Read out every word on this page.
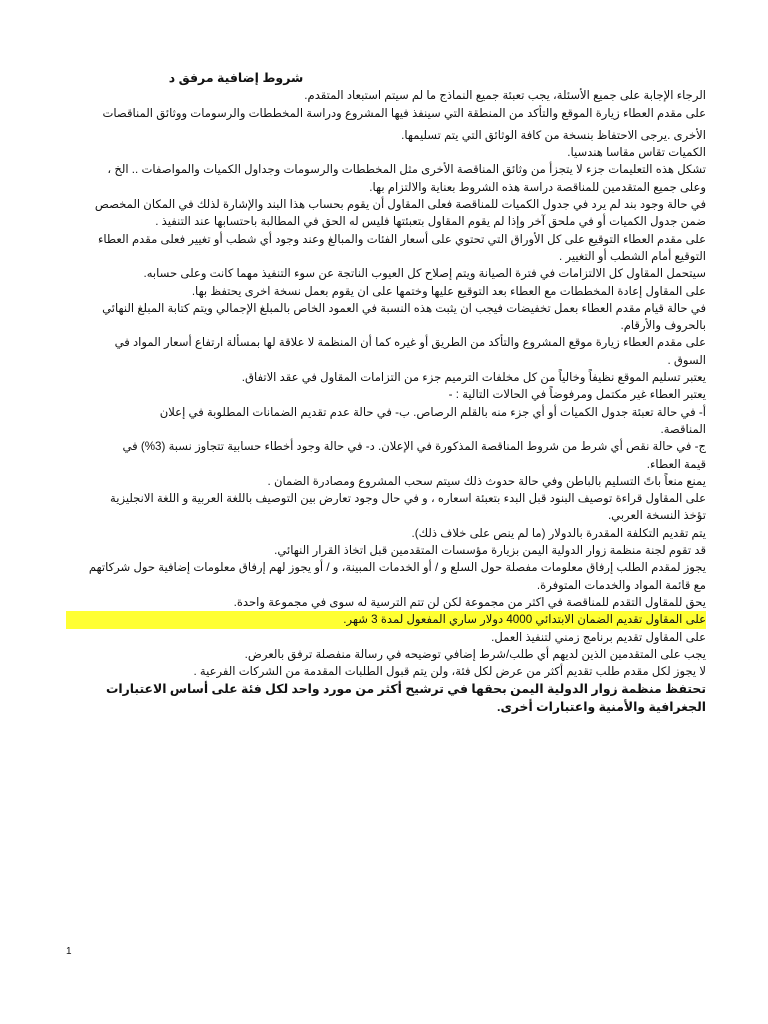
شروط إضافية مرفق د
الرجاء الإجابة على جميع الأسئلة، يجب تعبئة جميع النماذج ما لم سيتم استبعاد المتقدم.
على مقدم العطاء زيارة الموقع والتأكد من المنطقة التي سينفذ فيها المشروع ودراسة المخططات والرسومات ووثائق المناقصات
الأخرى .يرجى الاحتفاظ بنسخة من كافة الوثائق التي يتم تسليمها.
الكميات تقاس مقاسا هندسيا.
تشكل هذه التعليمات جزء لا يتجزأ من وثائق المناقصة الأخرى مثل المخططات والرسومات وجداول الكميات والمواصفات .. الخ ،
وعلى جميع المتقدمين للمناقصة دراسة هذه الشروط بعناية والالتزام بها.
في حالة وجود بند لم يرد في جدول الكميات للمناقصة فعلى المقاول أن يقوم بحساب هذا البند والإشارة لذلك في المكان المخصص
ضمن جدول الكميات أو في ملحق آخر وإذا لم يقوم المقاول بتعبئتها فليس له الحق في المطالبة باحتسابها عند التنفيذ .
على مقدم العطاء التوقيع على كل الأوراق التي تحتوي على أسعار الفئات والمبالغ وعند وجود أي شطب أو تغيير فعلى مقدم العطاء
التوقيع أمام الشطب أو التغيير .
سيتحمل المقاول كل الالتزامات في فترة الصيانة ويتم إصلاح كل العيوب الناتجة عن سوء التنفيذ مهما كانت وعلى حسابه.
على المقاول إعادة المخططات مع العطاء بعد التوقيع عليها وختمها على ان يقوم بعمل نسخة اخرى يحتفظ بها.
في حالة قيام مقدم العطاء بعمل تخفيضات فيجب ان يثبت هذه النسبة في العمود الخاص بالمبلغ الإجمالي ويتم كتابة المبلغ النهائي
بالحروف والأرقام.
على مقدم العطاء زيارة موقع المشروع والتأكد من الطريق أو غيره كما أن المنظمة لا علاقة لها بمسألة ارتفاع أسعار المواد في
السوق .
يعتبر تسليم الموقع نظيفاً وخالياً من كل مخلفات الترميم جزء من التزامات المقاول في عقد الاتفاق.
يعتبر العطاء غير مكتمل ومرفوضاً في الحالات التالية : -
أ- في حالة تعبئة جدول الكميات أو أي جزء منه بالقلم الرصاص. ب- في حالة عدم تقديم الضمانات المطلوبة في إعلان
المناقصة.
ج- في حالة نقص أي شرط من شروط المناقصة المذكورة في الإعلان. د- في حالة وجود أخطاء حسابية تتجاوز نسبة (3%) في
قيمة العطاء.
يمنع منعاً باتً التسليم بالباطن وفي حالة حدوث ذلك سيتم سحب المشروع ومصادرة الضمان .
على المقاول قراءة توصيف البنود قبل البدء بتعبئة اسعاره ، و في حال وجود تعارض بين التوصيف باللغة العربية و اللغة الانجليزية
تؤخذ النسخة العربي.
يتم تقديم التكلفة المقدرة بالدولار (ما لم ينص على خلاف ذلك).
قد تقوم لجنة منظمة زوار الدولية اليمن بزيارة مؤسسات المتقدمين قبل اتخاذ القرار النهائي.
يجوز لمقدم الطلب إرفاق معلومات مفصلة حول السلع و / أو الخدمات المبينة، و / أو يجوز لهم إرفاق معلومات إضافية حول شركاتهم
مع قائمة المواد والخدمات المتوفرة.
يحق للمقاول التقدم للمناقصة في اكثر من مجموعة لكن لن تتم الترسية له سوى في مجموعة واحدة.
على المقاول تقديم الضمان الابتدائي 4000 دولار ساري المفعول لمدة 3 شهر.
على المقاول تقديم برنامج زمني لتنفيذ العمل.
يجب على المتقدمين الذين لديهم أي طلب/شرط إضافي توضيحه في رسالة منفصلة ترفق بالعرض.
لا يجوز لكل مقدم طلب تقديم أكثر من عرض لكل فئة، ولن يتم قبول الطلبات المقدمة من الشركات الفرعية .
تحتفظ منظمة زوار الدولية اليمن بحقها في ترشيح أكثر من مورد واحد لكل فئة على أساس الاعتبارات الجغرافية والأمنية واعتبارات أخرى.
1
